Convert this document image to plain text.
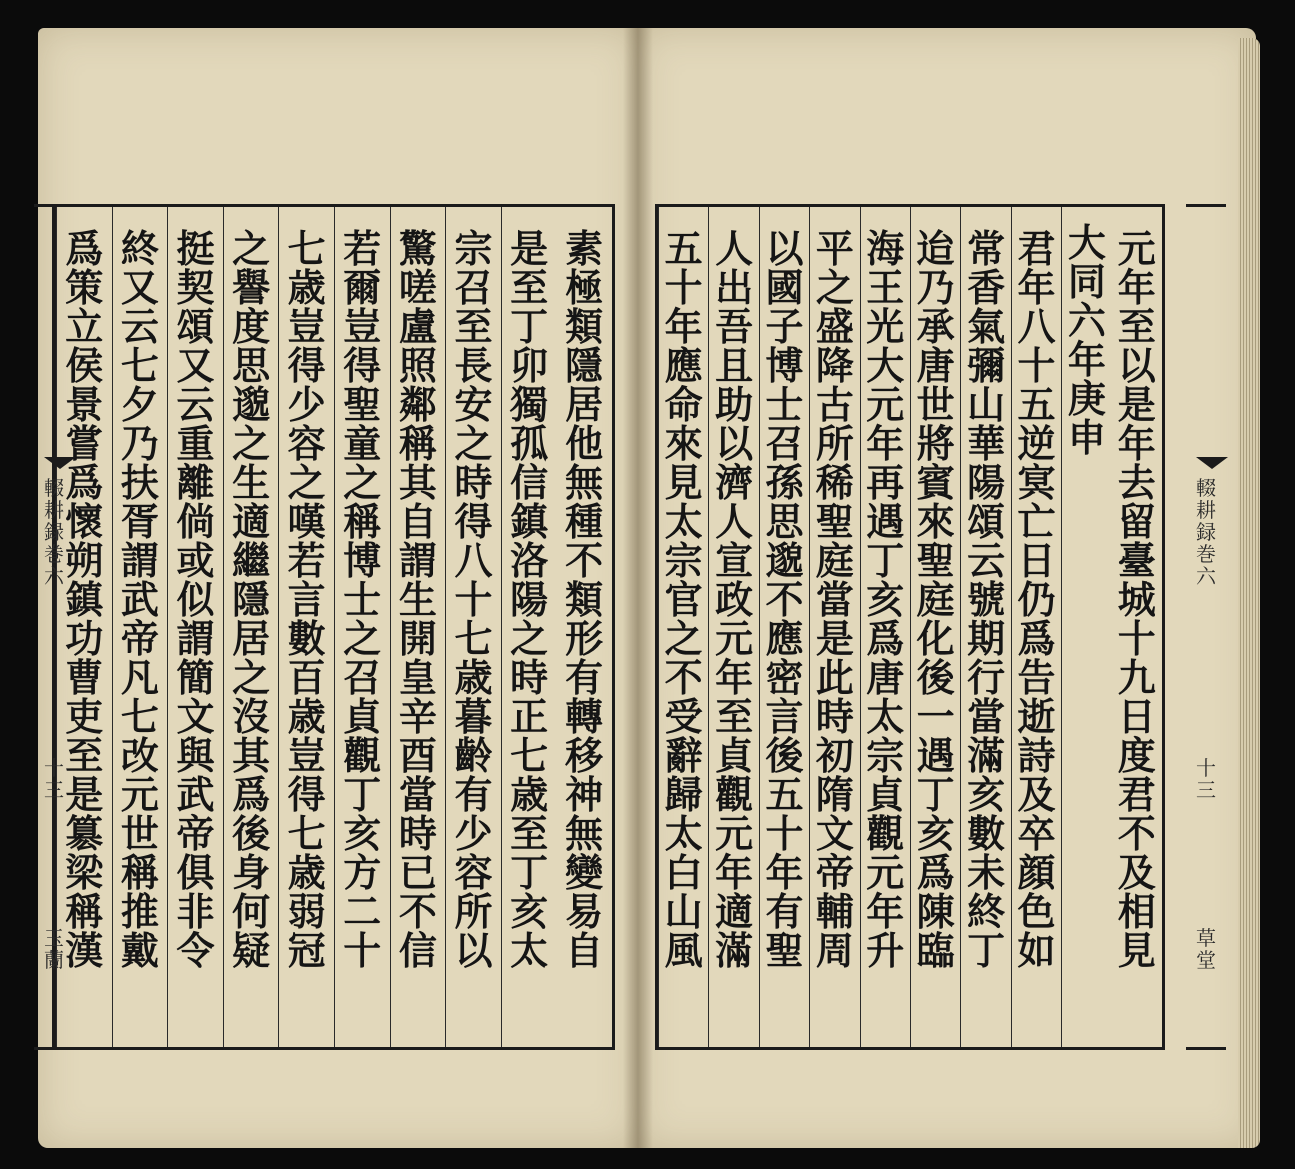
素
極
類
隱
居
他
無
種
不
類
形
有
轉
移
神
無
變
易
自
是
至
丁
卯
獨
孤
信
鎮
洛
陽
之
時
正
七
歳
至
丁
亥
太
宗
召
至
長
安
之
時
得
八
十
七
歳
暮
齡
有
少
容
所
以
驚
嗟
盧
照
鄰
稱
其
自
謂
生
開
皇
辛
酉
當
時
已
不
信
若
爾
豈
得
聖
童
之
稱
博
士
之
召
貞
觀
丁
亥
方
二
十
七
歳
豈
得
少
容
之
嘆
若
言
數
百
歳
豈
得
七
歳
弱
冠
之
譽
度
思
邈
之
生
適
繼
隱
居
之
沒
其
爲
後
身
何
疑
挺
契
頌
又
云
重
離
倘
或
似
謂
簡
文
與
武
帝
俱
非
令
終
又
云
七
夕
乃
扶
胥
謂
武
帝
凡
七
改
元
世
稱
推
戴
爲
策
立
侯
景
嘗
爲
懷
朔
鎮
功
曹
吏
至
是
簒
梁
稱
漢
輟耕録巻六
十三
玉蘭
元
年
至
以
是
年
去
留
臺
城
十
九
日
度
君
不
及
相
見
大
同
六
年
庚
申
君
年
八
十
五
逆
㝠
亡
日
仍
爲
告
逝
詩
及
卒
顔
色
如
常
香
氣
彌
山
華
陽
頌
云
號
期
行
當
滿
亥
數
未
終
丁
迨
乃
承
唐
世
將
賓
來
聖
庭
化
後
一
遇
丁
亥
爲
陳
臨
海
王
光
大
元
年
再
遇
丁
亥
爲
唐
太
宗
貞
觀
元
年
升
平
之
盛
降
古
所
稀
聖
庭
當
是
此
時
初
隋
文
帝
輔
周
以
國
子
博
士
召
孫
思
邈
不
應
密
言
後
五
十
年
有
聖
人
出
吾
且
助
以
濟
人
宣
政
元
年
至
貞
觀
元
年
適
滿
五
十
年
應
命
來
見
太
宗
官
之
不
受
辭
歸
太
白
山
風
輟耕録巻六
十三
草堂
